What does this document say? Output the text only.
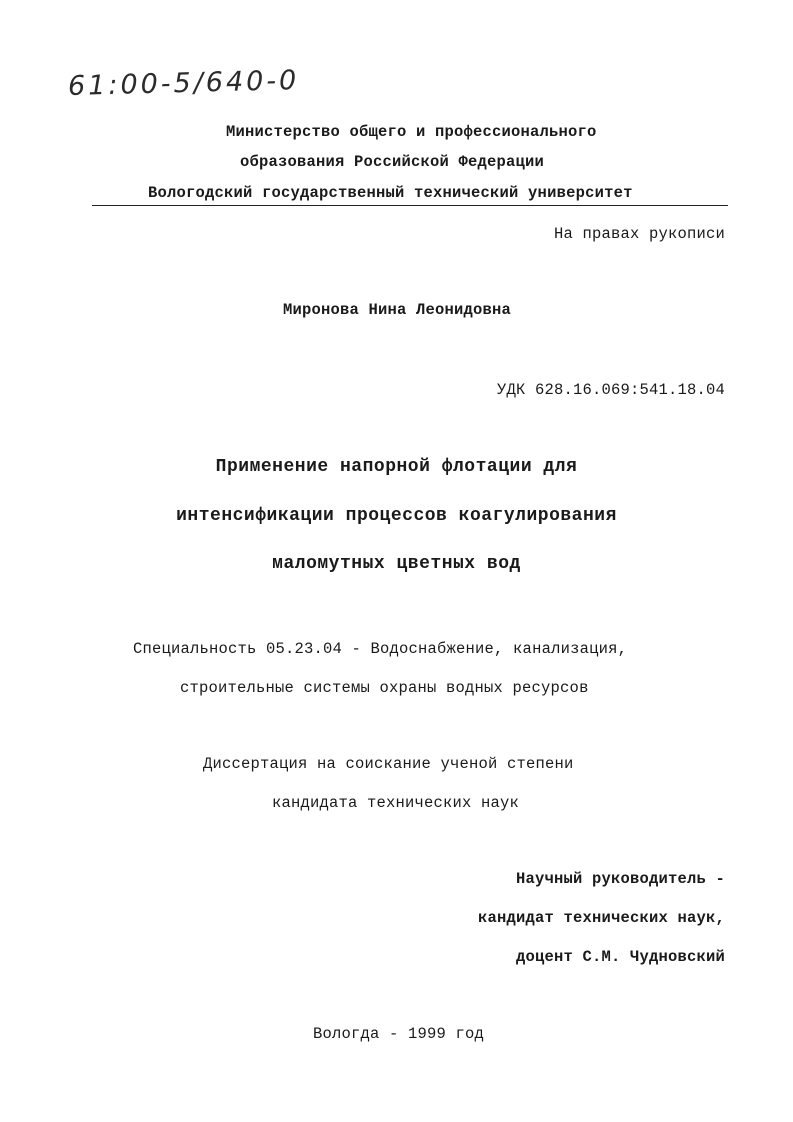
61:00-5/640-0
Министерство общего и профессионального
образования Российской Федерации
Вологодский государственный технический университет
На правах рукописи
Миронова Нина Леонидовна
УДК 628.16.069:541.18.04
Применение напорной флотации для
интенсификации процессов коагулирования
маломутных цветных вод
Специальность 05.23.04 - Водоснабжение, канализация,
строительные системы охраны водных ресурсов
Диссертация на соискание ученой степени
кандидата технических наук
Научный руководитель -
кандидат технических наук,
доцент С.М. Чудновский
Вологда - 1999 год
